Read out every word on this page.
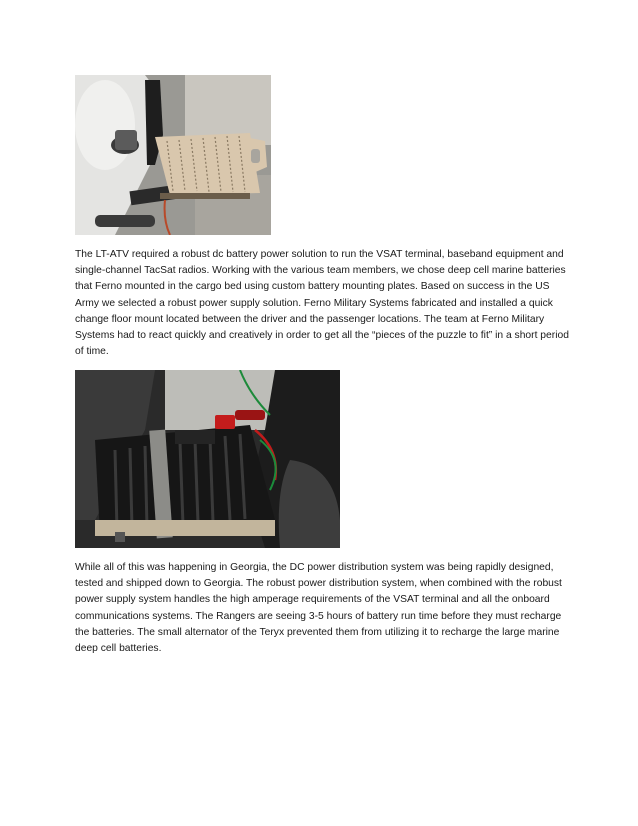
The LT-ATV required a robust dc battery power solution to run the VSAT terminal, baseband equipment and single-channel TacSat radios. Working with the various team members, we chose deep cell marine batteries that Ferno mounted in the cargo bed using custom battery mounting plates. Based on success in the US Army we selected a robust power supply solution. Ferno Military Systems fabricated and installed a quick change floor mount located between the driver and the passenger locations. The team at Ferno Military Systems had to react quickly and creatively in order to get all the “pieces of the puzzle to fit” in a short period of time.

While all of this was happening in Georgia, the DC power distribution system was being rapidly designed, tested and shipped down to Georgia. The robust power distribution system, when combined with the robust power supply system handles the high amperage requirements of the VSAT terminal and all the onboard communications systems. The Rangers are seeing 3-5 hours of battery run time before they must recharge the batteries. The small alternator of the Teryx prevented them from utilizing it to recharge the large marine deep cell batteries.
